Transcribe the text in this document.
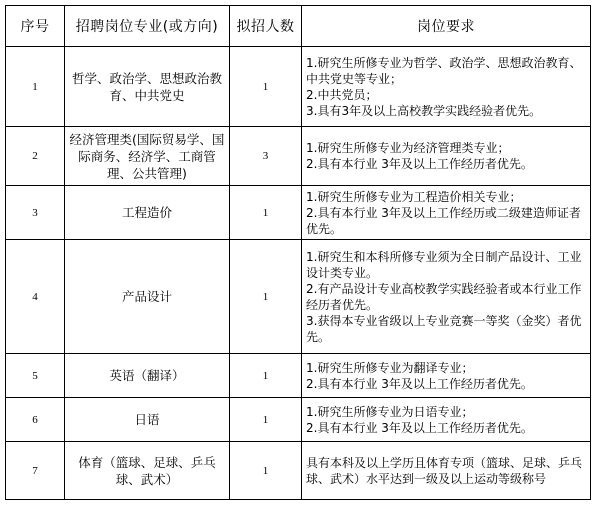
序号	招聘岗位专业(或方向)	拟招人数	岗位要求
1	哲学、政治学、思想政治教育、中共党史	1	1.研究生所修专业为哲学、政治学、思想政治教育、中共党史等专业；
2.中共党员；
3.具有3年及以上高校教学实践经验者优先。

2	经济管理类(国际贸易学、国际商务、经济学、工商管理、公共管理)	3	1.研究生所修专业为经济管理类专业；
2.具有本行业 3年及以上工作经历者优先。

3	工程造价	1	1.研究生所修专业为工程造价相关专业；
2.具有本行业 3年及以上工作经历或二级建造师证者优先。

4	产品设计	1	1.研究生和本科所修专业须为全日制产品设计、工业设计类专业。
2.有产品设计专业高校教学实践经验者或本行业工作经历者优先。
3.获得本专业省级以上专业竞赛一等奖（金奖）者优先。

5	英语（翻译）	1	1.研究生所修专业为翻译专业；
2.具有本行业 3年及以上工作经历者优先。

6	日语	1	1.研究生所修专业为日语专业；
2.具有本行业 3年及以上工作经历者优先。

7	体育（篮球、足球、乒乓球、武术）	1	具有本科及以上学历且体育专项（篮球、足球、乒乓球、武术）水平达到一级及以上运动等级称号
